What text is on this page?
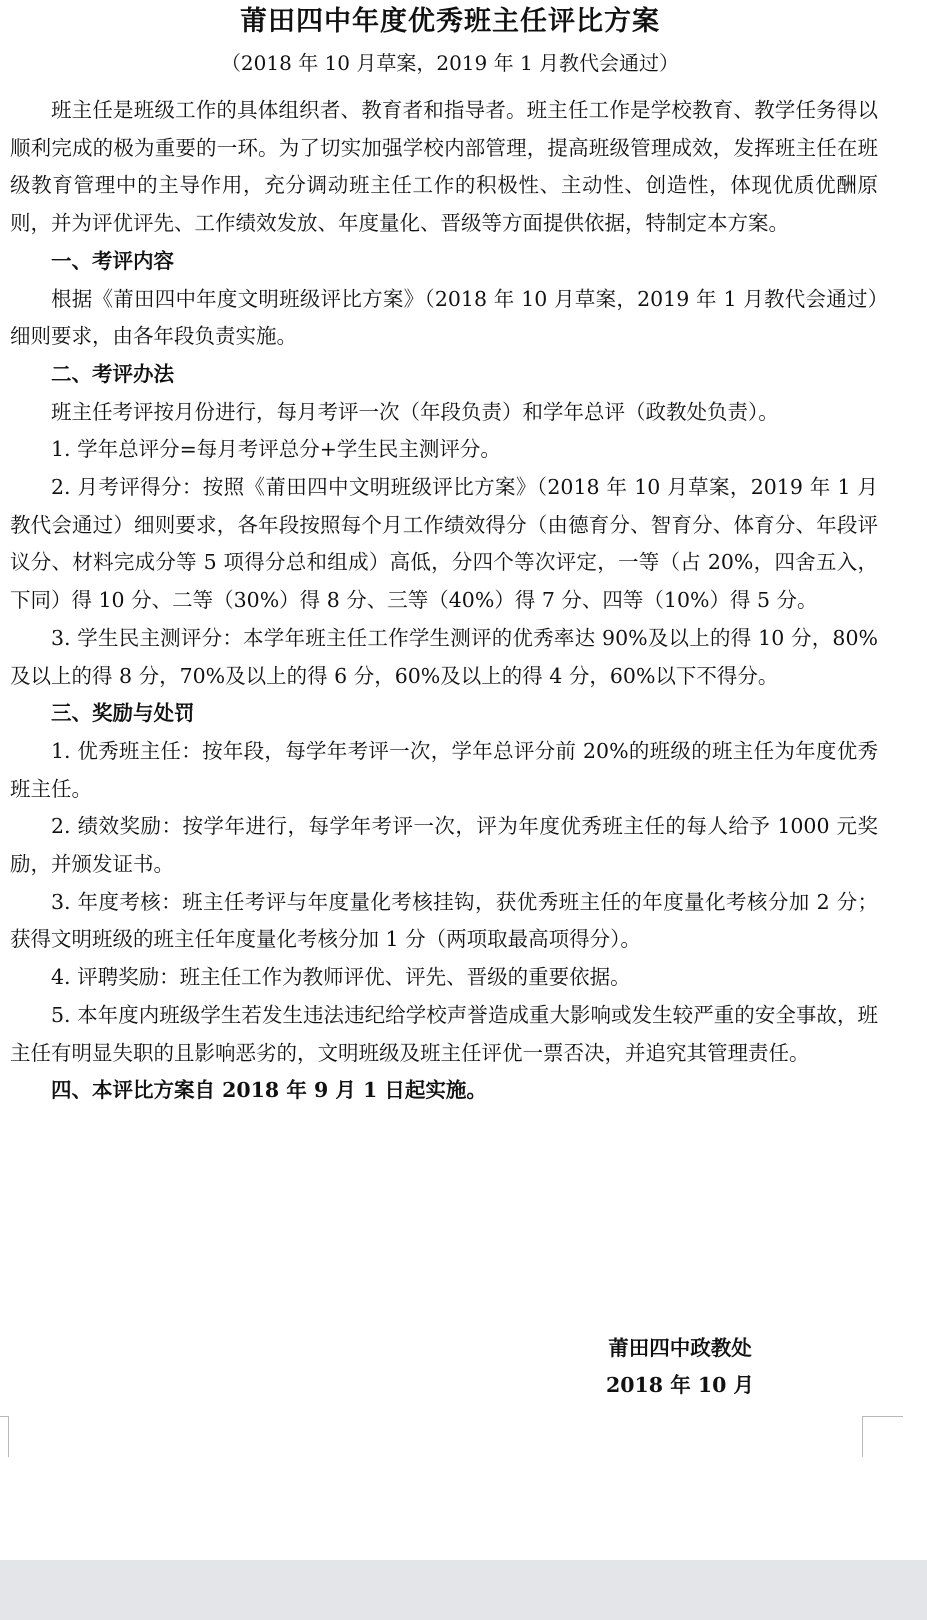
莆田四中年度优秀班主任评比方案
（2018 年 10 月草案，2019 年 1 月教代会通过）

班主任是班级工作的具体组织者、教育者和指导者。班主任工作是学校教育、教学任务得以顺利完成的极为重要的一环。为了切实加强学校内部管理，提高班级管理成效，发挥班主任在班级教育管理中的主导作用，充分调动班主任工作的积极性、主动性、创造性，体现优质优酬原则，并为评优评先、工作绩效发放、年度量化、晋级等方面提供依据，特制定本方案。

一、考评内容

根据《莆田四中年度文明班级评比方案》（2018 年 10 月草案，2019 年 1 月教代会通过）细则要求，由各年段负责实施。

二、考评办法

班主任考评按月份进行，每月考评一次（年段负责）和学年总评（政教处负责）。

1. 学年总评分=每月考评总分+学生民主测评分。

2. 月考评得分：按照《莆田四中文明班级评比方案》（2018 年 10 月草案，2019 年 1 月教代会通过）细则要求，各年段按照每个月工作绩效得分（由德育分、智育分、体育分、年段评议分、材料完成分等 5 项得分总和组成）高低，分四个等次评定，一等（占 20%，四舍五入，下同）得 10 分、二等（30%）得 8 分、三等（40%）得 7 分、四等（10%）得 5 分。

3. 学生民主测评分：本学年班主任工作学生测评的优秀率达 90%及以上的得 10 分，80%及以上的得 8 分，70%及以上的得 6 分，60%及以上的得 4 分，60%以下不得分。

三、奖励与处罚

1. 优秀班主任：按年段，每学年考评一次，学年总评分前 20%的班级的班主任为年度优秀班主任。

2. 绩效奖励：按学年进行，每学年考评一次，评为年度优秀班主任的每人给予 1000 元奖励，并颁发证书。

3. 年度考核：班主任考评与年度量化考核挂钩，获优秀班主任的年度量化考核分加 2 分；获得文明班级的班主任年度量化考核分加 1 分（两项取最高项得分）。

4. 评聘奖励：班主任工作为教师评优、评先、晋级的重要依据。

5. 本年度内班级学生若发生违法违纪给学校声誉造成重大影响或发生较严重的安全事故，班主任有明显失职的且影响恶劣的，文明班级及班主任评优一票否决，并追究其管理责任。

四、本评比方案自 2018 年 9 月 1 日起实施。
莆田四中政教处
2018 年 10 月
